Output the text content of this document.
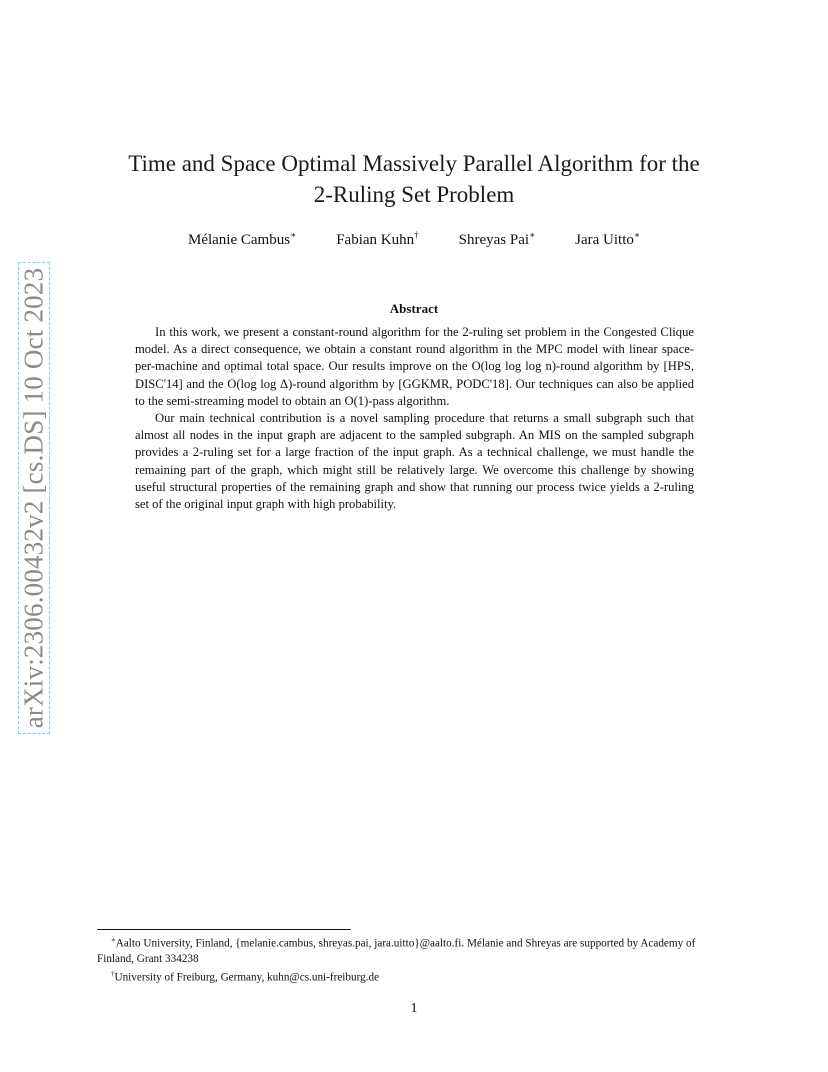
arXiv:2306.00432v2 [cs.DS] 10 Oct 2023
Time and Space Optimal Massively Parallel Algorithm for the
2-Ruling Set Problem
Mélanie Cambus∗	Fabian Kuhn†	Shreyas Pai∗	Jara Uitto∗
Abstract

In this work, we present a constant-round algorithm for the 2-ruling set problem in the Congested Clique model. As a direct consequence, we obtain a constant round algorithm in the MPC model with linear space-per-machine and optimal total space. Our results improve on the O(log log log n)-round algorithm by [HPS, DISC'14] and the O(log log Δ)-round algorithm by [GGKMR, PODC'18]. Our techniques can also be applied to the semi-streaming model to obtain an O(1)-pass algorithm.

Our main technical contribution is a novel sampling procedure that returns a small subgraph such that almost all nodes in the input graph are adjacent to the sampled subgraph. An MIS on the sampled subgraph provides a 2-ruling set for a large fraction of the input graph. As a technical challenge, we must handle the remaining part of the graph, which might still be relatively large. We overcome this challenge by showing useful structural properties of the remaining graph and show that running our process twice yields a 2-ruling set of the original input graph with high probability.

∗Aalto University, Finland, {melanie.cambus, shreyas.pai, jara.uitto}@aalto.fi. Mélanie and Shreyas are supported by Academy of Finland, Grant 334238

†University of Freiburg, Germany, kuhn@cs.uni-freiburg.de

1
